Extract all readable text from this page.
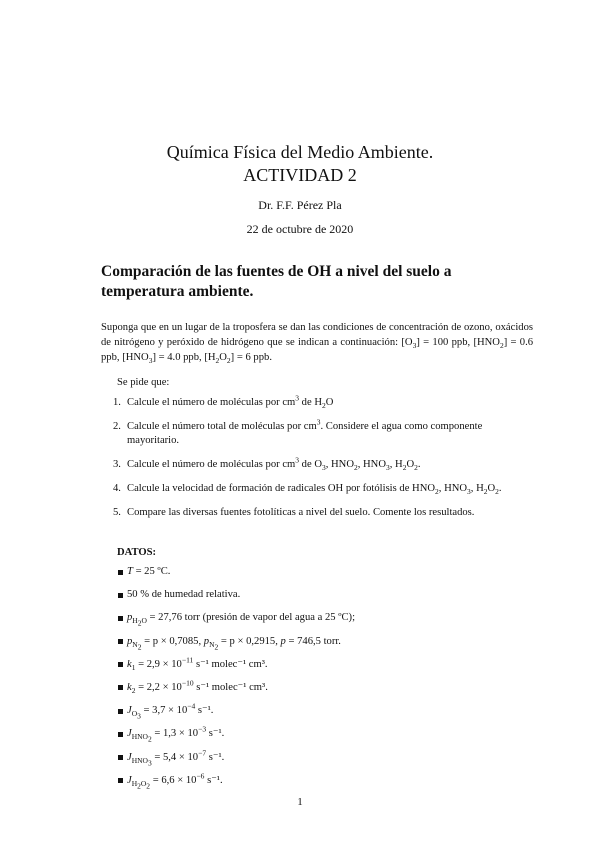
Química Física del Medio Ambiente.
ACTIVIDAD 2
Dr. F.F. Pérez Pla
22 de octubre de 2020
Comparación de las fuentes de OH a nivel del suelo a temperatura ambiente.
Suponga que en un lugar de la troposfera se dan las condiciones de concentración de ozono, oxácidos de nitrógeno y peróxido de hidrógeno que se indican a continuación: $[O_3] = 100$ ppb, $[HNO_2] = 0.6$ ppb, $[HNO_3] = 4.0$ ppb, $[H_2O_2] = 6$ ppb.
Se pide que:
1. Calcule el número de moléculas por $cm^3$ de $H_2O$
2. Calcule el número total de moléculas por $cm^3$. Considere el agua como componente mayoritario.
3. Calcule el número de moléculas por $cm^3$ de $O_3$, $HNO_2$, $HNO_3$, $H_2O_2$.
4. Calcule la velocidad de formación de radicales OH por fotólisis de $HNO_2$, $HNO_3$, $H_2O_2$.
5. Compare las diversas fuentes fotolíticas a nivel del suelo. Comente los resultados.
DATOS:
T = 25 ºC.
50 % de humedad relativa.
$p_{H_2O} = 27,76$ torr (presión de vapor del agua a 25 ºC);
$p_{N_2} = p \times 0,7085$, $p_{N_2} = p \times 0,2915$, p = 746,5 torr.
$k_1 = 2,9 \times 10^{-11}$ s⁻¹ molec⁻¹ cm³.
$k_2 = 2,2 \times 10^{-10}$ s⁻¹ molec⁻¹ cm³.
$J_{O_3} = 3,7 \times 10^{-4}$ s⁻¹.
$J_{HNO_2} = 1,3 \times 10^{-3}$ s⁻¹.
$J_{HNO_3} = 5,4 \times 10^{-7}$ s⁻¹.
$J_{H_2O_2} = 6,6 \times 10^{-6}$ s⁻¹.
1
